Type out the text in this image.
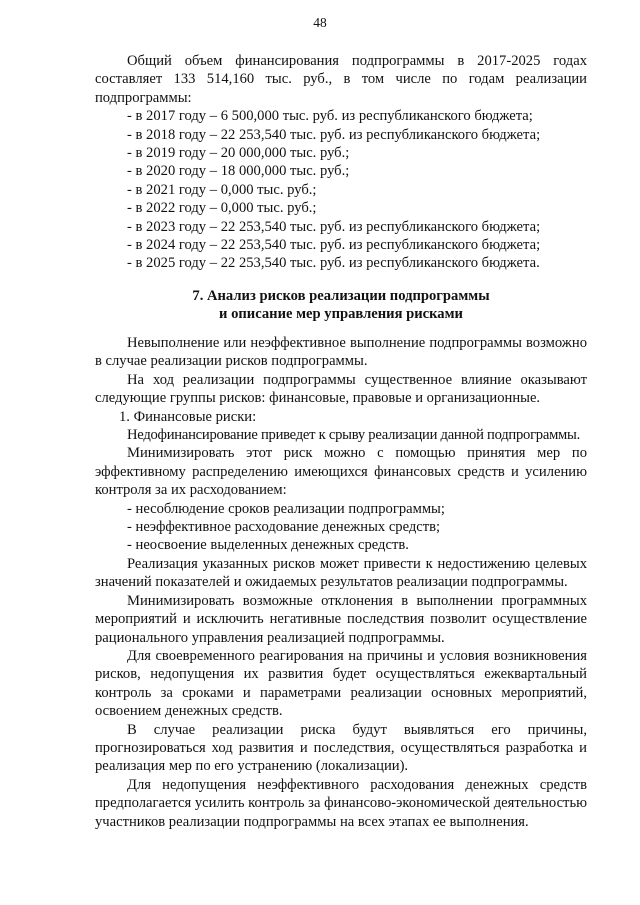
48

Общий объем финансирования подпрограммы в 2017-2025 годах составляет 133 514,160 тыс. руб., в том числе по годам реализации подпрограммы:

- в 2017 году – 6 500,000 тыс. руб. из республиканского бюджета;

- в 2018 году – 22 253,540 тыс. руб. из республиканского бюджета;

- в 2019 году – 20 000,000 тыс. руб.;

- в 2020 году – 18 000,000 тыс. руб.;

- в 2021 году – 0,000 тыс. руб.;

- в 2022 году – 0,000 тыс. руб.;

- в 2023 году – 22 253,540 тыс. руб. из республиканского бюджета;

- в 2024 году – 22 253,540 тыс. руб. из республиканского бюджета;

- в 2025 году – 22 253,540 тыс. руб. из республиканского бюджета.

7. Анализ рисков реализации подпрограммы

и описание мер управления рисками

Невыполнение или неэффективное выполнение подпрограммы возможно в случае реализации рисков подпрограммы.

На ход реализации подпрограммы существенное влияние оказывают следующие группы рисков: финансовые, правовые и организационные.

1. Финансовые риски:

Недофинансирование приведет к срыву реализации данной подпрограммы.

Минимизировать этот риск можно с помощью принятия мер по эффективному распределению имеющихся финансовых средств и усилению контроля за их расходованием:

- несоблюдение сроков реализации подпрограммы;

- неэффективное расходование денежных средств;

- неосвоение выделенных денежных средств.

Реализация указанных рисков может привести к недостижению целевых значений показателей и ожидаемых результатов реализации подпрограммы.

Минимизировать возможные отклонения в выполнении программных мероприятий и исключить негативные последствия позволит осуществление рационального управления реализацией подпрограммы.

Для своевременного реагирования на причины и условия возникновения рисков, недопущения их развития будет осуществляться ежеквартальный контроль за сроками и параметрами реализации основных мероприятий, освоением денежных средств.

В случае реализации риска будут выявляться его причины, прогнозироваться ход развития и последствия, осуществляться разработка и реализация мер по его устранению (локализации).

Для недопущения неэффективного расходования денежных средств предполагается усилить контроль за финансово-экономической деятельностью участников реализации подпрограммы на всех этапах ее выполнения.
